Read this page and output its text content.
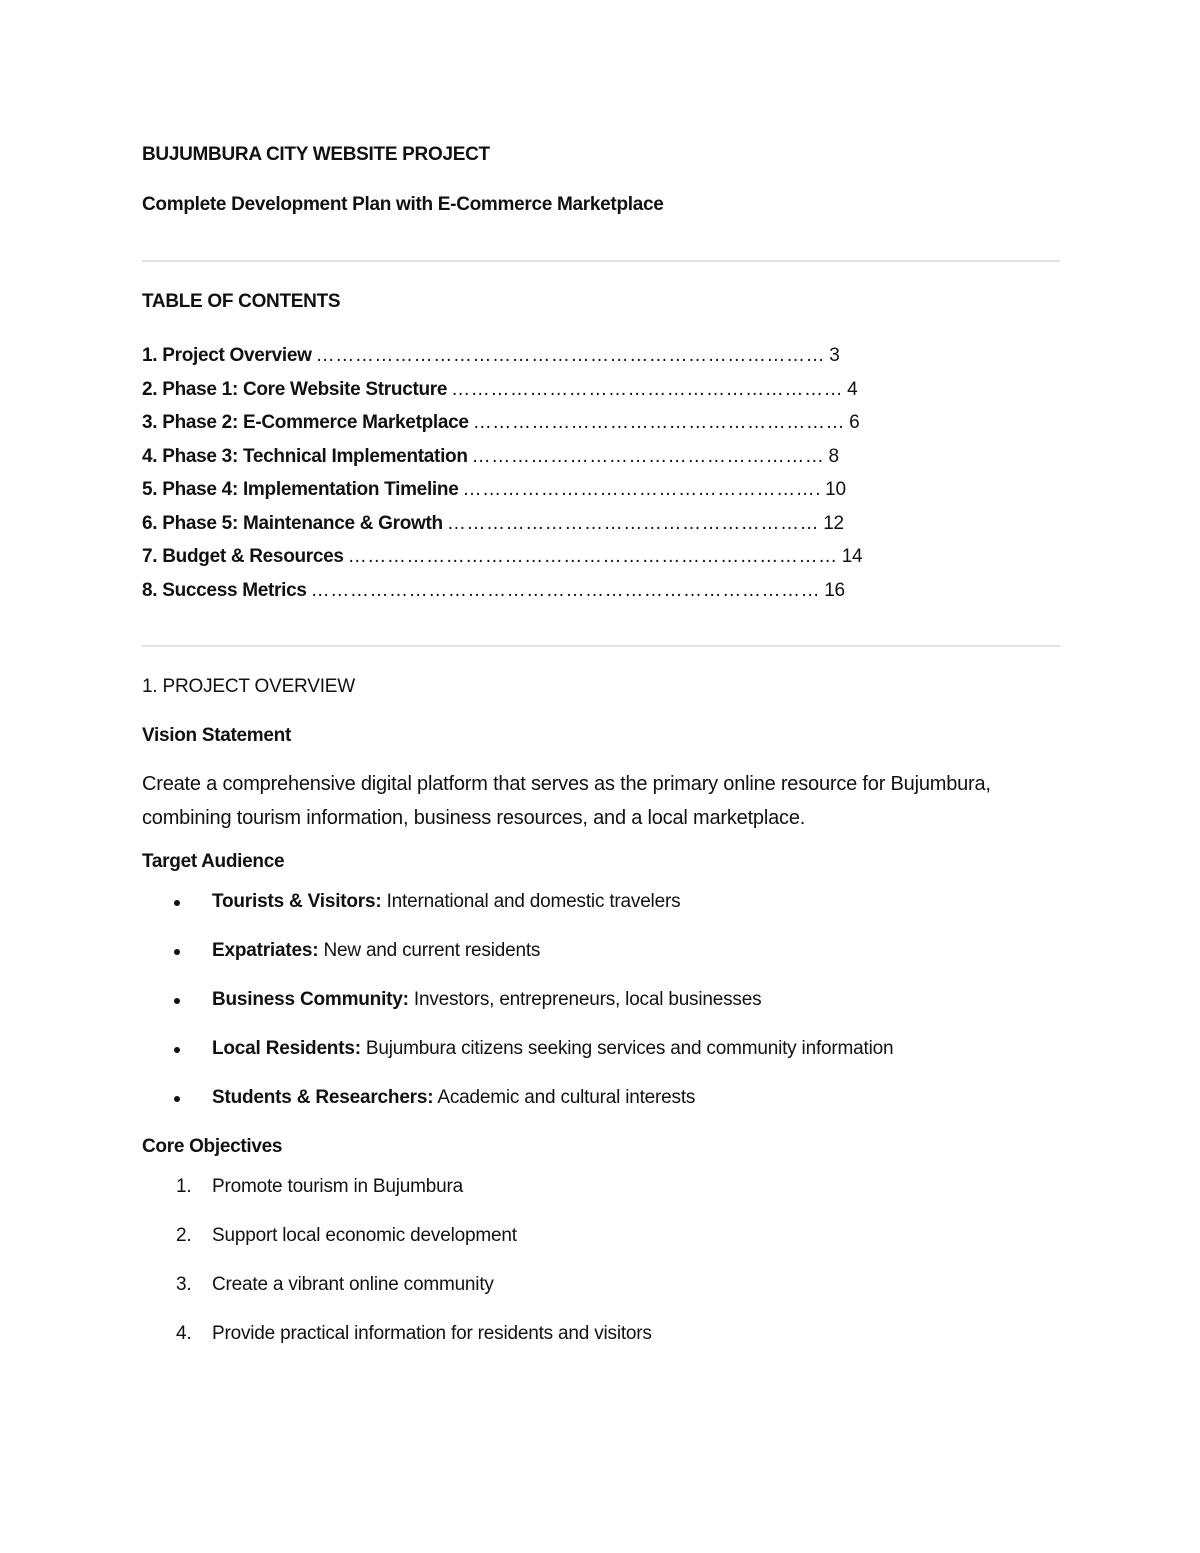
BUJUMBURA CITY WEBSITE PROJECT

Complete Development Plan with E-Commerce Marketplace

TABLE OF CONTENTS

1. Project Overview …………………………………………………………………… 3
2. Phase 1: Core Website Structure …………………………………………………… 4
3. Phase 2: E-Commerce Marketplace ………………………………………………… 6
4. Phase 3: Technical Implementation ……………………………………………… 8
5. Phase 4: Implementation Timeline ………………………………………………. 10
6. Phase 5: Maintenance & Growth ………………………………………………… 12
7. Budget & Resources ………………………………………………………………… 14
8. Success Metrics …………………………………………………………………… 16

1. PROJECT OVERVIEW

Vision Statement

Create a comprehensive digital platform that serves as the primary online resource for Bujumbura, combining tourism information, business resources, and a local marketplace.

Target Audience

Tourists & Visitors: International and domestic travelers
Expatriates: New and current residents
Business Community: Investors, entrepreneurs, local businesses
Local Residents: Bujumbura citizens seeking services and community information
Students & Researchers: Academic and cultural interests

Core Objectives

1. Promote tourism in Bujumbura
2. Support local economic development
3. Create a vibrant online community
4. Provide practical information for residents and visitors
